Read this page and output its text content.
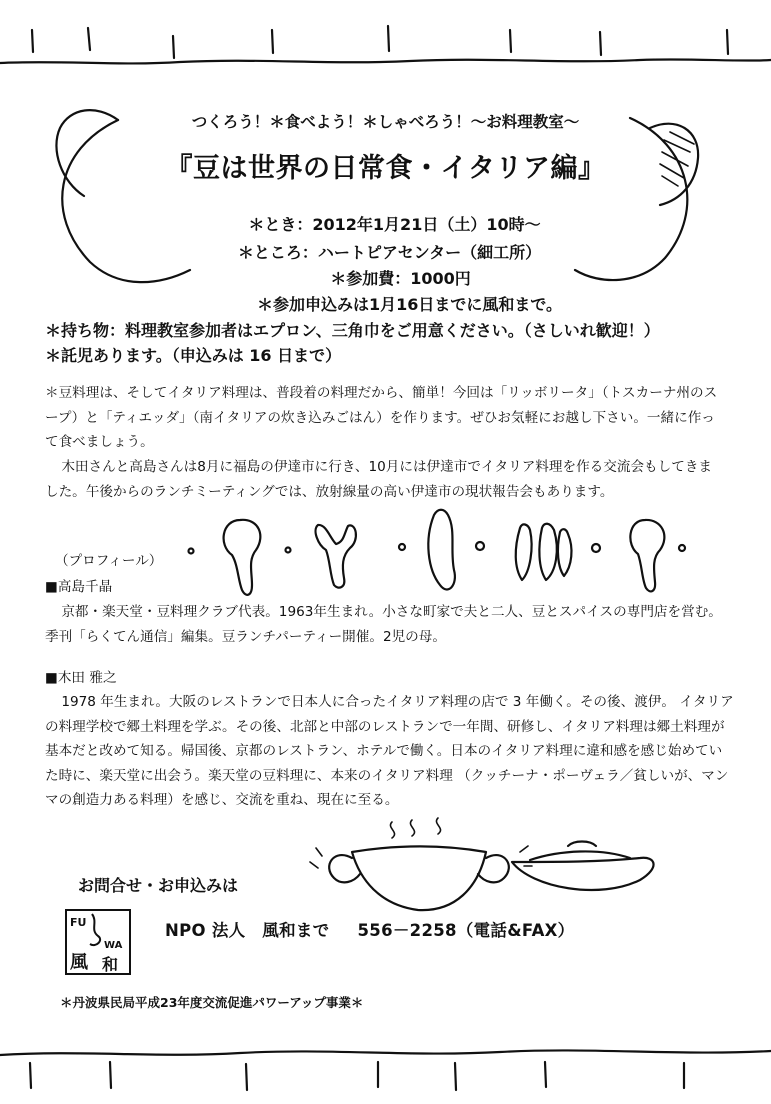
つくろう！＊食べよう！＊しゃべろう！～お料理教室～
『豆は世界の日常食・イタリア編』
＊とき：2012年1月21日（土）10時～
＊ところ：ハートピアセンター（細工所）
＊参加費：1000円
＊参加申込みは1月16日までに風和まで。
＊持ち物：料理教室参加者はエプロン、三角巾をご用意ください。（さしいれ歓迎！）
＊託児あります。（申込みは 16 日まで）
＊豆料理は、そしてイタリア料理は、普段着の料理だから、簡単！今回は「リッボリータ」（トスカーナ州のスープ）と「ティエッダ」（南イタリアの炊き込みごはん）を作ります。ぜひお気軽にお越し下さい。一緒に作って食べましょう。
木田さんと高島さんは8月に福島の伊達市に行き、10月には伊達市でイタリア料理を作る交流会もしてきました。午後からのランチミーティングでは、放射線量の高い伊達市の現状報告会もあります。
（プロフィール）
■高島千晶
京都・楽天堂・豆料理クラブ代表。1963年生まれ。小さな町家で夫と二人、豆とスパイスの専門店を営む。季刊「らくてん通信」編集。豆ランチパーティー開催。2児の母。
■木田 雅之
1978 年生まれ。大阪のレストランで日本人に合ったイタリア料理の店で 3 年働く。その後、渡伊。 イタリアの料理学校で郷土料理を学ぶ。その後、北部と中部のレストランで一年間、研修し、イタリア料理は郷土料理が基本だと改めて知る。帰国後、京都のレストラン、ホテルで働く。日本のイタリア料理に違和感を感じ始めていた時に、楽天堂に出会う。楽天堂の豆料理に、本来のイタリア料理 （クッチーナ・ポーヴェラ／貧しいが、マンマの創造力ある料理）を感じ、交流を重ね、現在に至る。
お問合せ・お申込みは
FU
WA
風 和
NPO 法人　風和まで 556－2258（電話&FAX）
＊丹波県民局平成23年度交流促進パワーアップ事業＊
